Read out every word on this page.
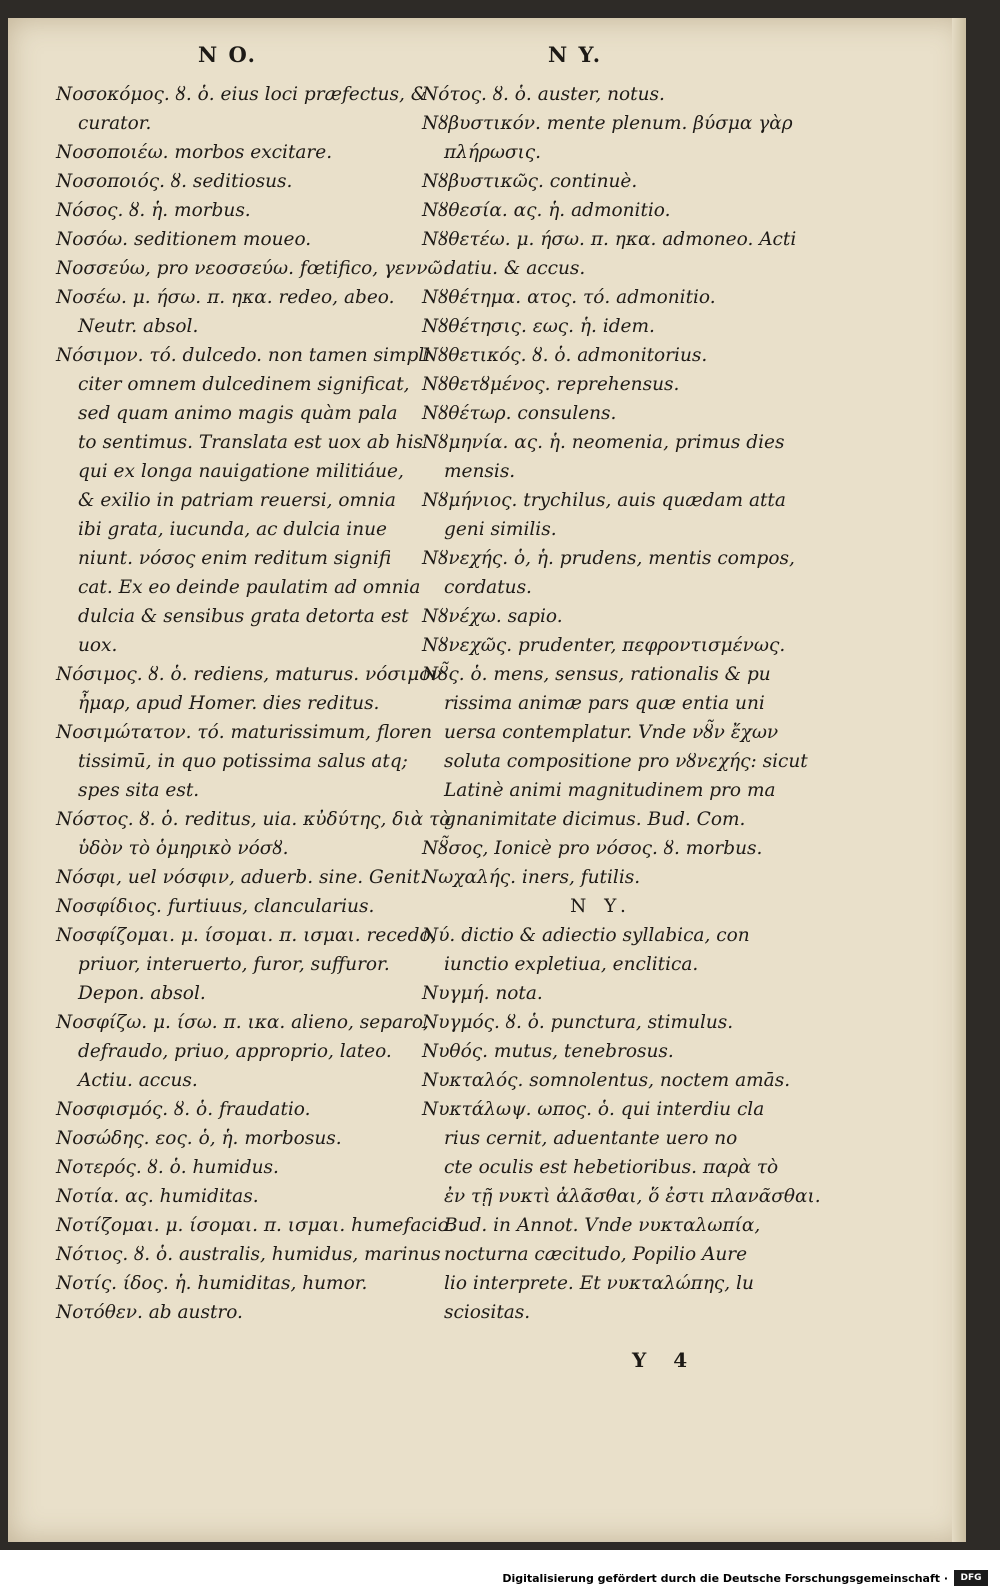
N O.	N Y.
Νοσοκόμος. ȣ. ὁ. eius loci præfectus, &
curator.
Νοσοποιέω. morbos excitare.
Νοσοποιός. ȣ. seditiosus.
Νόσος. ȣ. ἡ. morbus.
Νοσόω. seditionem moueo.
Νοσσεύω, pro νεοσσεύω. fœtifico, γεννῶ.
Νοσέω. μ. ήσω. π. ηκα. redeo, abeo.
Neutr. absol.
Νόσιμον. τό. dulcedo. non tamen simpli
citer omnem dulcedinem significat,
sed quam animo magis quàm pala
to sentimus. Translata est uox ab his
qui ex longa nauigatione militiáue,
& exilio in patriam reuersi, omnia
ibi grata, iucunda, ac dulcia inue
niunt. νόσος enim reditum signifi
cat. Ex eo deinde paulatim ad omnia
dulcia & sensibus grata detorta est
uox.
Νόσιμος. ȣ. ὁ. rediens, maturus. νόσιμον
ἦμαρ, apud Homer. dies reditus.
Νοσιμώτατον. τό. maturissimum, floren
tissimū, in quo potissima salus atq;
spes sita est.
Νόστος. ȣ. ὁ. reditus, uia. κὐδύτης, διὰ τὸ
ὑδὸν τὸ ὁμηρικὸ νόσȣ.
Νόσφι, uel νόσφιν, aduerb. sine. Genit.
Νοσφίδιος. furtiuus, clancularius.
Νοσφίζομαι. μ. ίσομαι. π. ισμαι. recedo,
priuor, interuerto, furor, suffuror.
Depon. absol.
Νοσφίζω. μ. ίσω. π. ικα. alieno, separo,
defraudo, priuo, approprio, lateo.
Actiu. accus.
Νοσφισμός. ȣ. ὁ. fraudatio.
Νοσώδης. εος. ὁ, ἡ. morbosus.
Νοτερός. ȣ. ὁ. humidus.
Νοτία. ας. humiditas.
Νοτίζομαι. μ. ίσομαι. π. ισμαι. humefacio.
Νότιος. ȣ. ὁ. australis, humidus, marinus
Νοτίς. ίδος. ἡ. humiditas, humor.
Νοτόθεν. ab austro.
Νότος. ȣ. ὁ. auster, notus.
Νȣβυστικόν. mente plenum. βύσμα γὰρ
πλήρωσις.
Νȣβυστικῶς. continuè.
Νȣθεσία. ας. ἡ. admonitio.
Νȣθετέω. μ. ήσω. π. ηκα. admoneo. Acti
datiu. & accus.
Νȣθέτημα. ατος. τό. admonitio.
Νȣθέτησις. εως. ἡ. idem.
Νȣθετικός. ȣ. ὁ. admonitorius.
Νȣθετȣμένος. reprehensus.
Νȣθέτωρ. consulens.
Νȣμηνία. ας. ἡ. neomenia, primus dies
mensis.
Νȣμήνιος. trychilus, auis quædam atta
geni similis.
Νȣνεχής. ὁ, ἡ. prudens, mentis compos,
cordatus.
Νȣνέχω. sapio.
Νȣνεχῶς. prudenter, πεφροντισμένως.
Νȣ̃ς. ὁ. mens, sensus, rationalis & pu
rissima animæ pars quæ entia uni
uersa contemplatur. Vnde νȣ̃ν ἔχων
soluta compositione pro νȣνεχής: sicut
Latinè animi magnitudinem pro ma
gnanimitate dicimus. Bud. Com.
Νȣ̃σος, Ionicè pro νόσος. ȣ. morbus.
Νωχαλής. iners, futilis.
N Y.
Νύ. dictio & adiectio syllabica, con
iunctio expletiua, enclitica.
Νυγμή. nota.
Νυγμός. ȣ. ὁ. punctura, stimulus.
Νυθός. mutus, tenebrosus.
Νυκταλός. somnolentus, noctem amās.
Νυκτάλωψ. ωπος. ὁ. qui interdiu cla
rius cernit, aduentante uero no
cte oculis est hebetioribus. παρὰ τὸ
ἐν τῇ νυκτὶ ἀλᾶσθαι, ὅ ἐστι πλανᾶσθαι.
Bud. in Annot. Vnde νυκταλωπία,
nocturna cæcitudo, Popilio Aure
lio interprete. Et νυκταλώπης, lu
sciositas.
Y 4
Digitalisierung gefördert durch die Deutsche Forschungsgemeinschaft ·	DFG
